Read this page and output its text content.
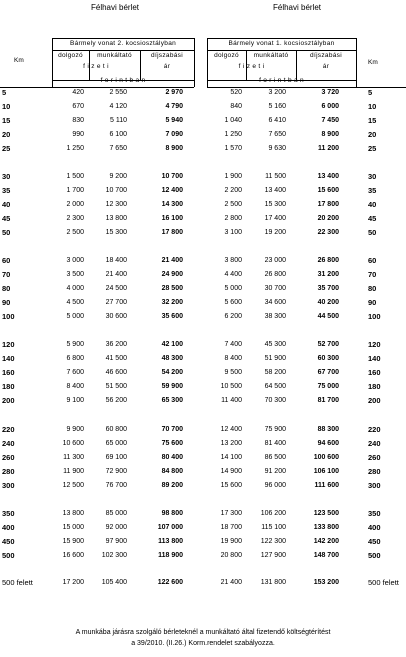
Félhavi bérlet	Félhavi bérlet
Km
Bármely vonat 2. kocsiosztályban
dolgozó	munkáltató	díjszabási
f i z e t i	ár
f o r i n t b a n
Km
Bármely vonat 1. kocsiosztályban
dolgozó	munkáltató	díjszabási
f i z e t i	ár
f o r i n t b a n
5	420	2 550	2 970	520	3 200	3 720	5
10	670	4 120	4 790	840	5 160	6 000	10
15	830	5 110	5 940	1 040	6 410	7 450	15
20	990	6 100	7 090	1 250	7 650	8 900	20
25	1 250	7 650	8 900	1 570	9 630	11 200	25
30	1 500	9 200	10 700	1 900	11 500	13 400	30
35	1 700	10 700	12 400	2 200	13 400	15 600	35
40	2 000	12 300	14 300	2 500	15 300	17 800	40
45	2 300	13 800	16 100	2 800	17 400	20 200	45
50	2 500	15 300	17 800	3 100	19 200	22 300	50
60	3 000	18 400	21 400	3 800	23 000	26 800	60
70	3 500	21 400	24 900	4 400	26 800	31 200	70
80	4 000	24 500	28 500	5 000	30 700	35 700	80
90	4 500	27 700	32 200	5 600	34 600	40 200	90
100	5 000	30 600	35 600	6 200	38 300	44 500	100
120	5 900	36 200	42 100	7 400	45 300	52 700	120
140	6 800	41 500	48 300	8 400	51 900	60 300	140
160	7 600	46 600	54 200	9 500	58 200	67 700	160
180	8 400	51 500	59 900	10 500	64 500	75 000	180
200	9 100	56 200	65 300	11 400	70 300	81 700	200
220	9 900	60 800	70 700	12 400	75 900	88 300	220
240	10 600	65 000	75 600	13 200	81 400	94 600	240
260	11 300	69 100	80 400	14 100	86 500	100 600	260
280	11 900	72 900	84 800	14 900	91 200	106 100	280
300	12 500	76 700	89 200	15 600	96 000	111 600	300
350	13 800	85 000	98 800	17 300	106 200	123 500	350
400	15 000	92 000	107 000	18 700	115 100	133 800	400
450	15 900	97 900	113 800	19 900	122 300	142 200	450
500	16 600	102 300	118 900	20 800	127 900	148 700	500
500 felett	17 200	105 400	122 600	21 400	131 800	153 200	500 felett
A munkába járásra szolgáló bérleteknél a munkáltató által fizetendő költségtérítést
a 39/2010. (II.26.) Korm.rendelet szabályozza.
